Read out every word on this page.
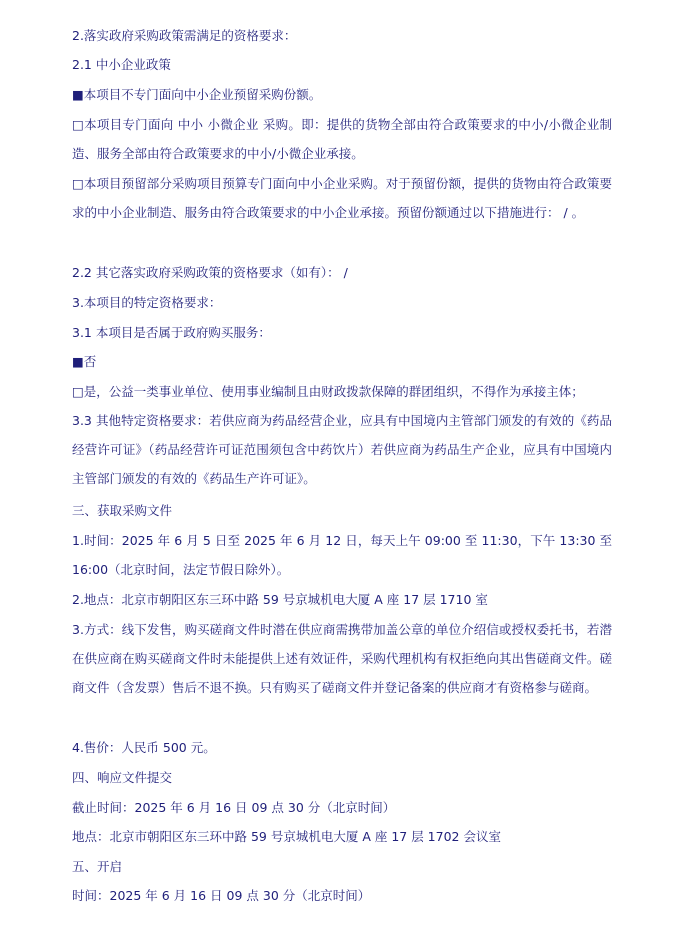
2.落实政府采购政策需满足的资格要求：
2.1 中小企业政策
■本项目不专门面向中小企业预留采购份额。
□本项目专门面向 中小 小微企业 采购。即：提供的货物全部由符合政策要求的中小/小微企业制造、服务全部由符合政策要求的中小/小微企业承接。
□本项目预留部分采购项目预算专门面向中小企业采购。对于预留份额，提供的货物由符合政策要求的中小企业制造、服务由符合政策要求的中小企业承接。预留份额通过以下措施进行： / 。
2.2 其它落实政府采购政策的资格要求（如有）： /
3.本项目的特定资格要求：
3.1 本项目是否属于政府购买服务：
■否
□是，公益一类事业单位、使用事业编制且由财政拨款保障的群团组织，不得作为承接主体；
3.3 其他特定资格要求：若供应商为药品经营企业，应具有中国境内主管部门颁发的有效的《药品经营许可证》（药品经营许可证范围须包含中药饮片）若供应商为药品生产企业，应具有中国境内主管部门颁发的有效的《药品生产许可证》。
三、获取采购文件
1.时间：2025 年 6 月 5 日至 2025 年 6 月 12 日，每天上午 09:00 至 11:30，下午 13:30 至 16:00（北京时间，法定节假日除外）。
2.地点：北京市朝阳区东三环中路 59 号京城机电大厦 A 座 17 层 1710 室
3.方式：线下发售，购买磋商文件时潜在供应商需携带加盖公章的单位介绍信或授权委托书，若潜在供应商在购买磋商文件时未能提供上述有效证件，采购代理机构有权拒绝向其出售磋商文件。磋商文件（含发票）售后不退不换。只有购买了磋商文件并登记备案的供应商才有资格参与磋商。
4.售价：人民币 500 元。
四、响应文件提交
截止时间：2025 年 6 月 16 日 09 点 30 分（北京时间）
地点：北京市朝阳区东三环中路 59 号京城机电大厦 A 座 17 层 1702 会议室
五、开启
时间：2025 年 6 月 16 日 09 点 30 分（北京时间）
